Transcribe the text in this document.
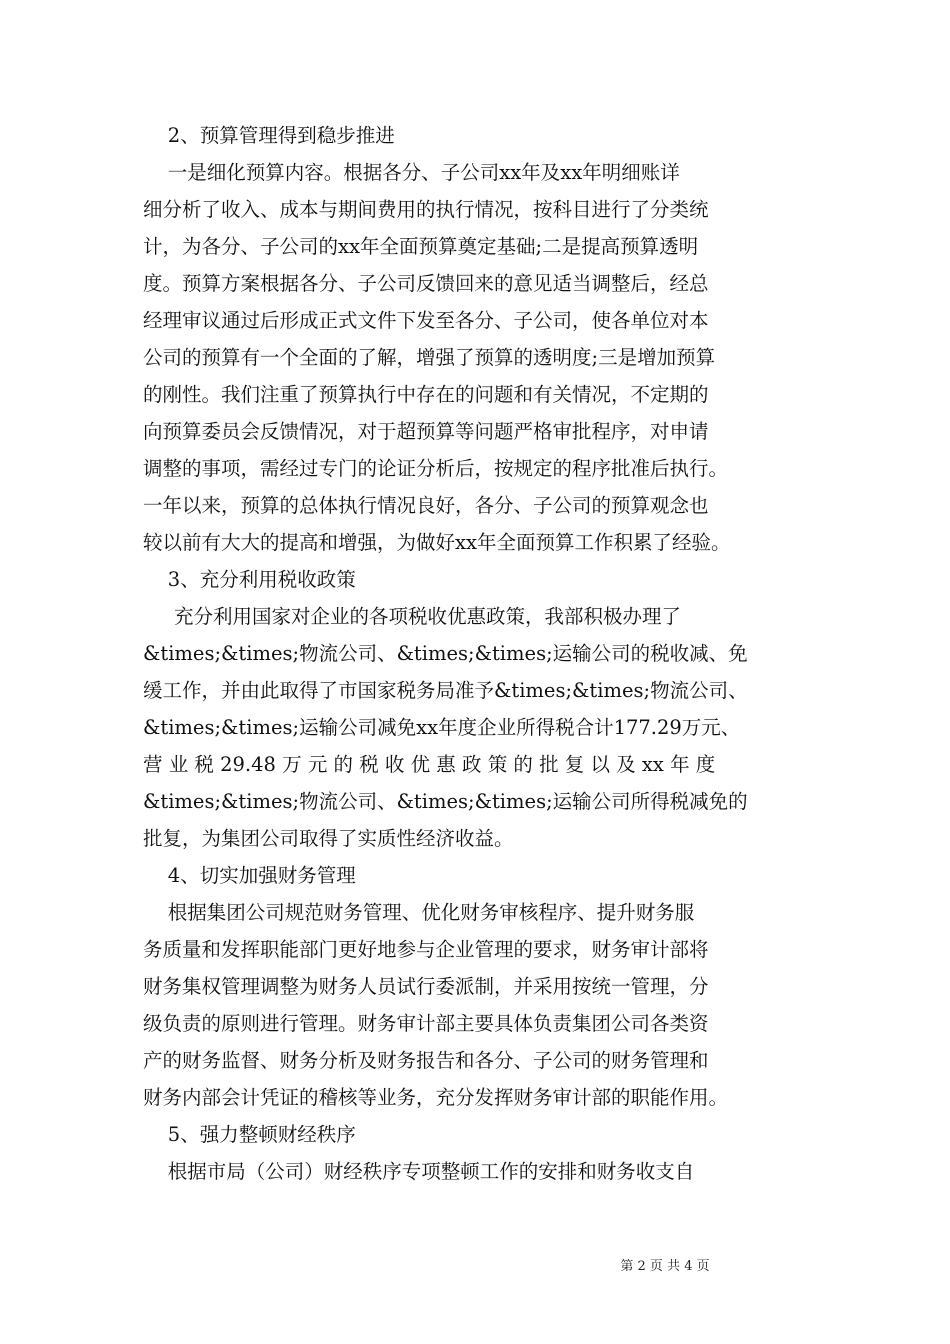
2、预算管理得到稳步推进
一是细化预算内容。根据各分、子公司xx年及xx年明细账详
细分析了收入、成本与期间费用的执行情况，按科目进行了分类统
计，为各分、子公司的xx年全面预算奠定基础;二是提高预算透明
度。预算方案根据各分、子公司反馈回来的意见适当调整后，经总
经理审议通过后形成正式文件下发至各分、子公司，使各单位对本
公司的预算有一个全面的了解，增强了预算的透明度;三是增加预算
的刚性。我们注重了预算执行中存在的问题和有关情况，不定期的
向预算委员会反馈情况，对于超预算等问题严格审批程序，对申请
调整的事项，需经过专门的论证分析后，按规定的程序批准后执行。
一年以来，预算的总体执行情况良好，各分、子公司的预算观念也
较以前有大大的提高和增强，为做好xx年全面预算工作积累了经验。
3、充分利用税收政策
充分利用国家对企业的各项税收优惠政策，我部积极办理了
&times;&times;物流公司、&times;&times;运输公司的税收减、免
缓工作，并由此取得了市国家税务局准予&times;&times;物流公司、
&times;&times;运输公司减免xx年度企业所得税合计177.29万元、
营 业 税 29.48 万 元 的 税 收 优 惠 政 策 的 批 复 以 及 xx 年 度
&times;&times;物流公司、&times;&times;运输公司所得税减免的
批复，为集团公司取得了实质性经济收益。
4、切实加强财务管理
根据集团公司规范财务管理、优化财务审核程序、提升财务服
务质量和发挥职能部门更好地参与企业管理的要求，财务审计部将
财务集权管理调整为财务人员试行委派制，并采用按统一管理，分
级负责的原则进行管理。财务审计部主要具体负责集团公司各类资
产的财务监督、财务分析及财务报告和各分、子公司的财务管理和
财务内部会计凭证的稽核等业务，充分发挥财务审计部的职能作用。
5、强力整顿财经秩序
根据市局（公司）财经秩序专项整顿工作的安排和财务收支自
第 2 页 共 4 页
